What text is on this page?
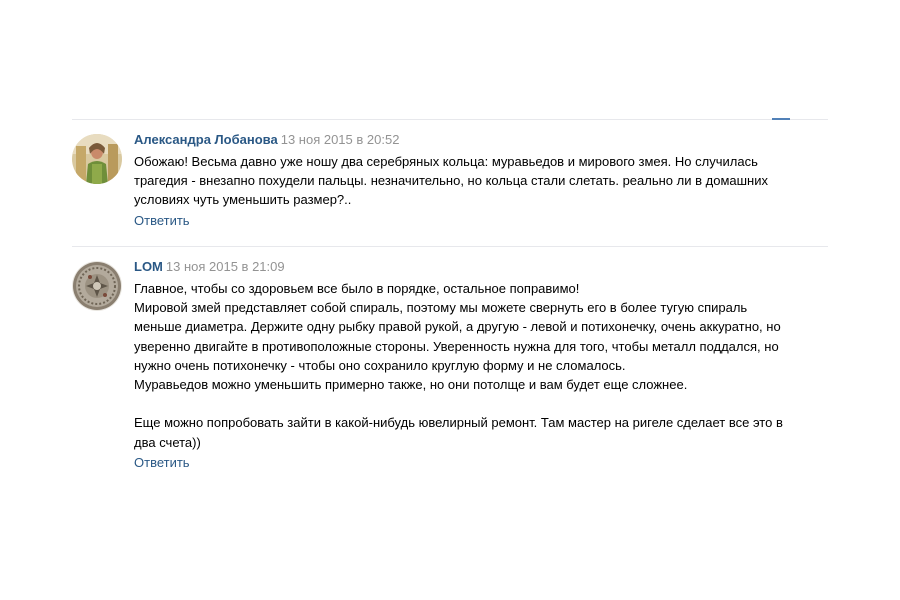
Александра Лобанова 13 ноя 2015 в 20:52
Обожаю! Весьма давно уже ношу два серебряных кольца: муравьедов и мирового змея. Но случилась
трагедия - внезапно похудели пальцы. незначительно, но кольца стали слетать. реально ли в домашних
условиях чуть уменьшить размер?..
Ответить
LOM 13 ноя 2015 в 21:09
Главное, чтобы со здоровьем все было в порядке, остальное поправимо!
Мировой змей представляет собой спираль, поэтому мы можете свернуть его в более тугую спираль
меньше диаметра. Держите одну рыбку правой рукой, а другую - левой и потихонечку, очень аккуратно, но
уверенно двигайте в противоположные стороны. Уверенность нужна для того, чтобы металл поддался, но
нужно очень потихонечку - чтобы оно сохранило круглую форму и не сломалось.
Муравьедов можно уменьшить примерно также, но они потолще и вам будет еще сложнее.
Еще можно попробовать зайти в какой-нибудь ювелирный ремонт. Там мастер на ригеле сделает все это в
два счета))
Ответить
